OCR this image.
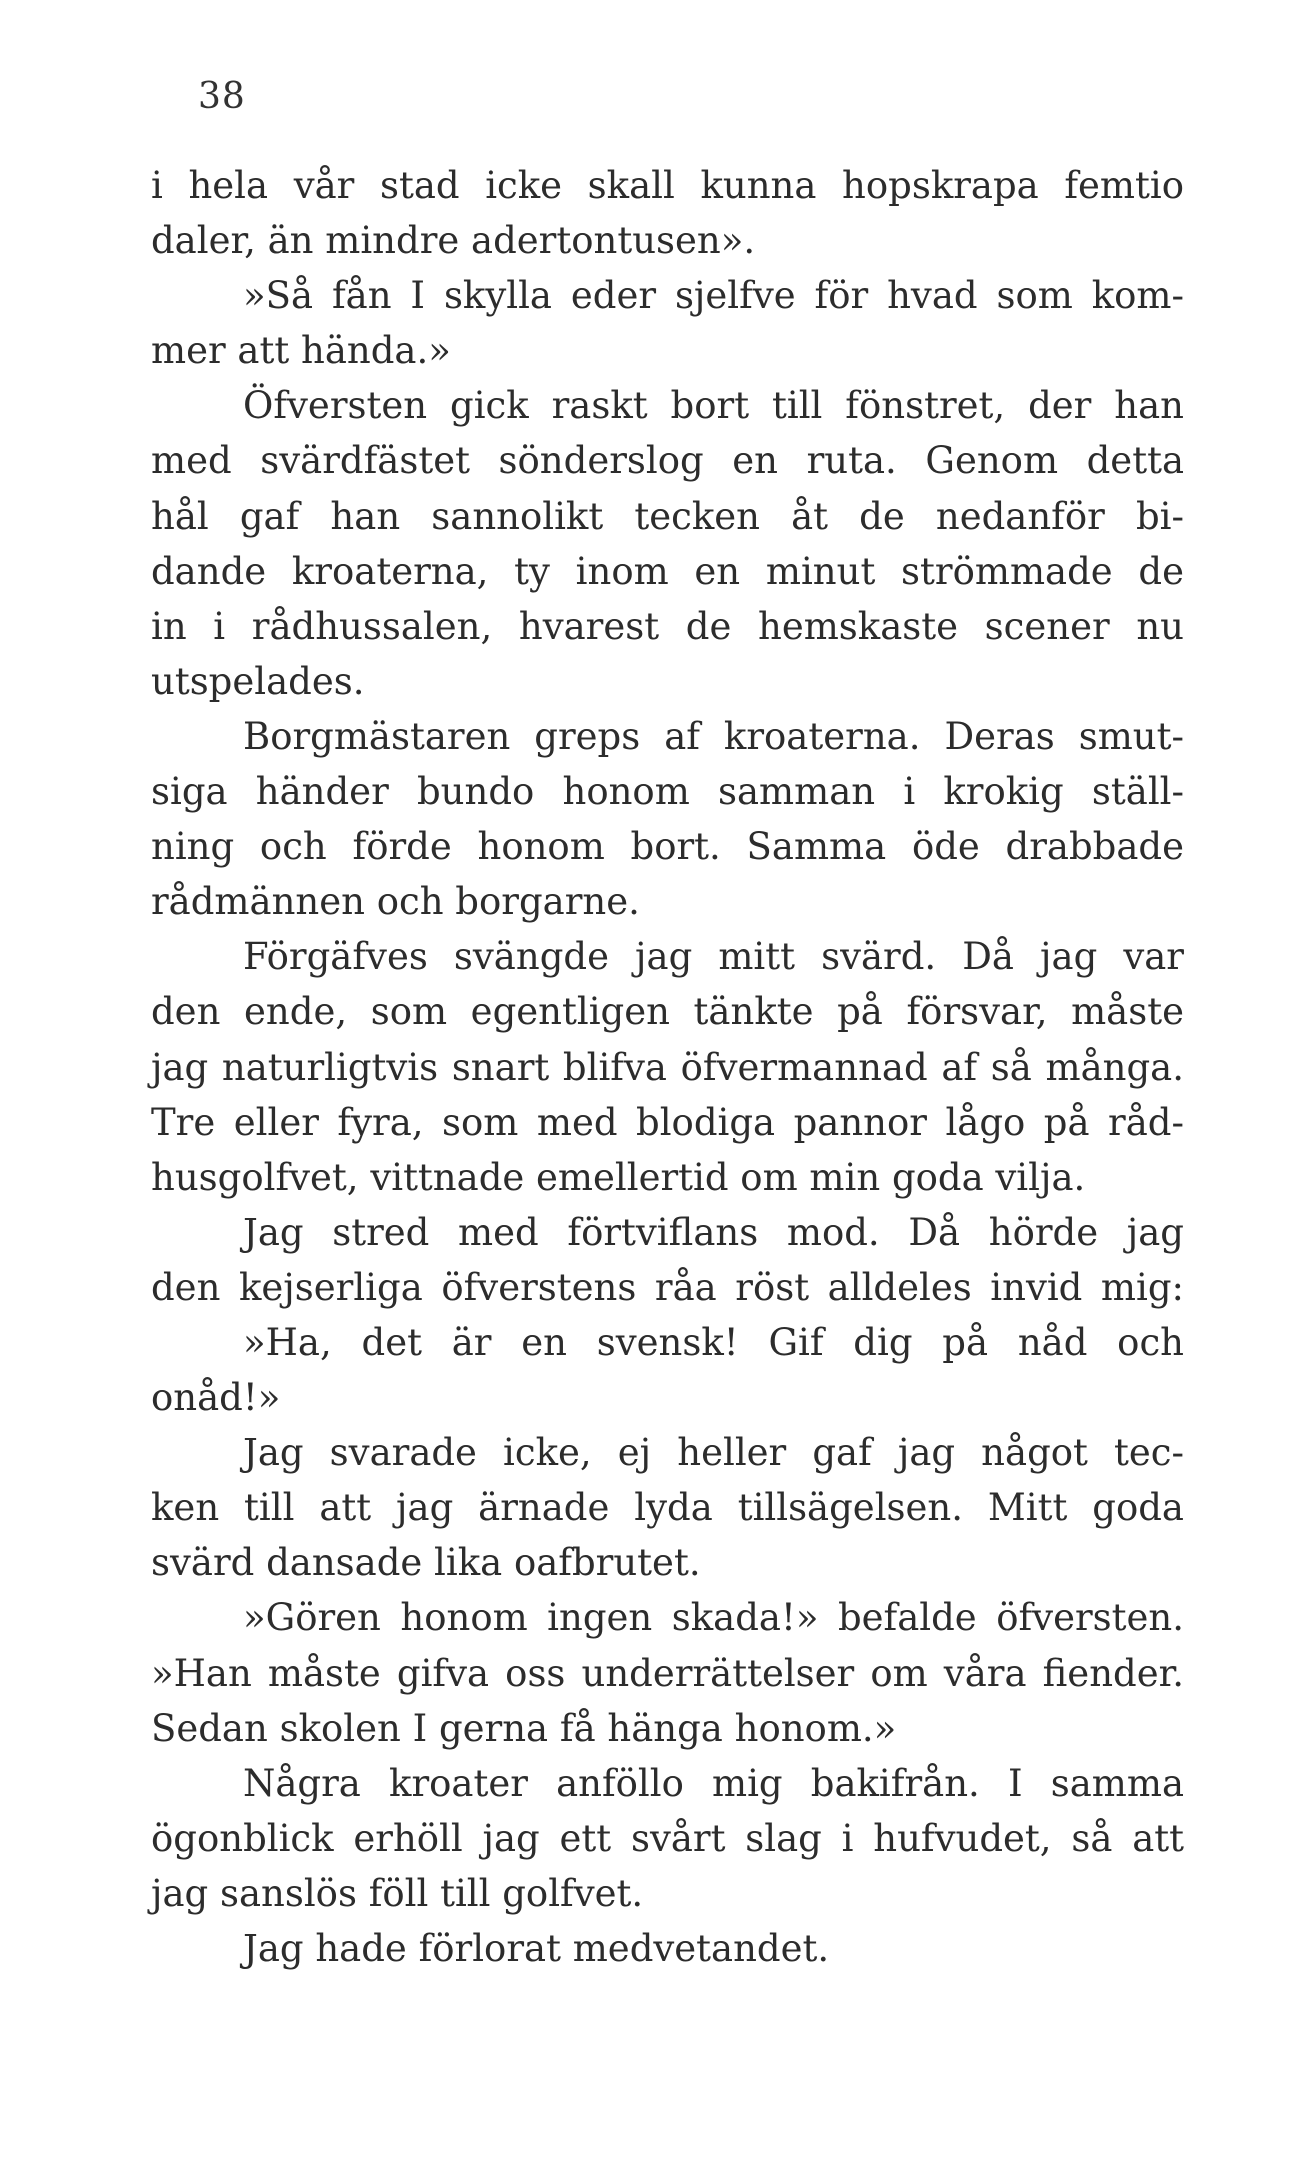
38
i hela vår stad icke skall kunna hopskrapa femtio
daler, än mindre adertontusen».
»Så fån I skylla eder sjelfve för hvad som kom-
mer att hända.»
Öfversten gick raskt bort till fönstret, der han
med svärdfästet sönderslog en ruta. Genom detta
hål gaf han sannolikt tecken åt de nedanför bi-
dande kroaterna, ty inom en minut strömmade de
in i rådhussalen, hvarest de hemskaste scener nu
utspelades.
Borgmästaren greps af kroaterna. Deras smut-
siga händer bundo honom samman i krokig ställ-
ning och förde honom bort. Samma öde drabbade
rådmännen och borgarne.
Förgäfves svängde jag mitt svärd. Då jag var
den ende, som egentligen tänkte på försvar, måste
jag naturligtvis snart blifva öfvermannad af så många.
Tre eller fyra, som med blodiga pannor lågo på råd-
husgolfvet, vittnade emellertid om min goda vilja.
Jag stred med förtviflans mod. Då hörde jag
den kejserliga öfverstens råa röst alldeles invid mig:
»Ha, det är en svensk! Gif dig på nåd och
onåd!»
Jag svarade icke, ej heller gaf jag något tec-
ken till att jag ärnade lyda tillsägelsen. Mitt goda
svärd dansade lika oafbrutet.
»Gören honom ingen skada!» befalde öfversten.
»Han måste gifva oss underrättelser om våra fiender.
Sedan skolen I gerna få hänga honom.»
Några kroater anföllo mig bakifrån. I samma
ögonblick erhöll jag ett svårt slag i hufvudet, så att
jag sanslös föll till golfvet.
Jag hade förlorat medvetandet.
